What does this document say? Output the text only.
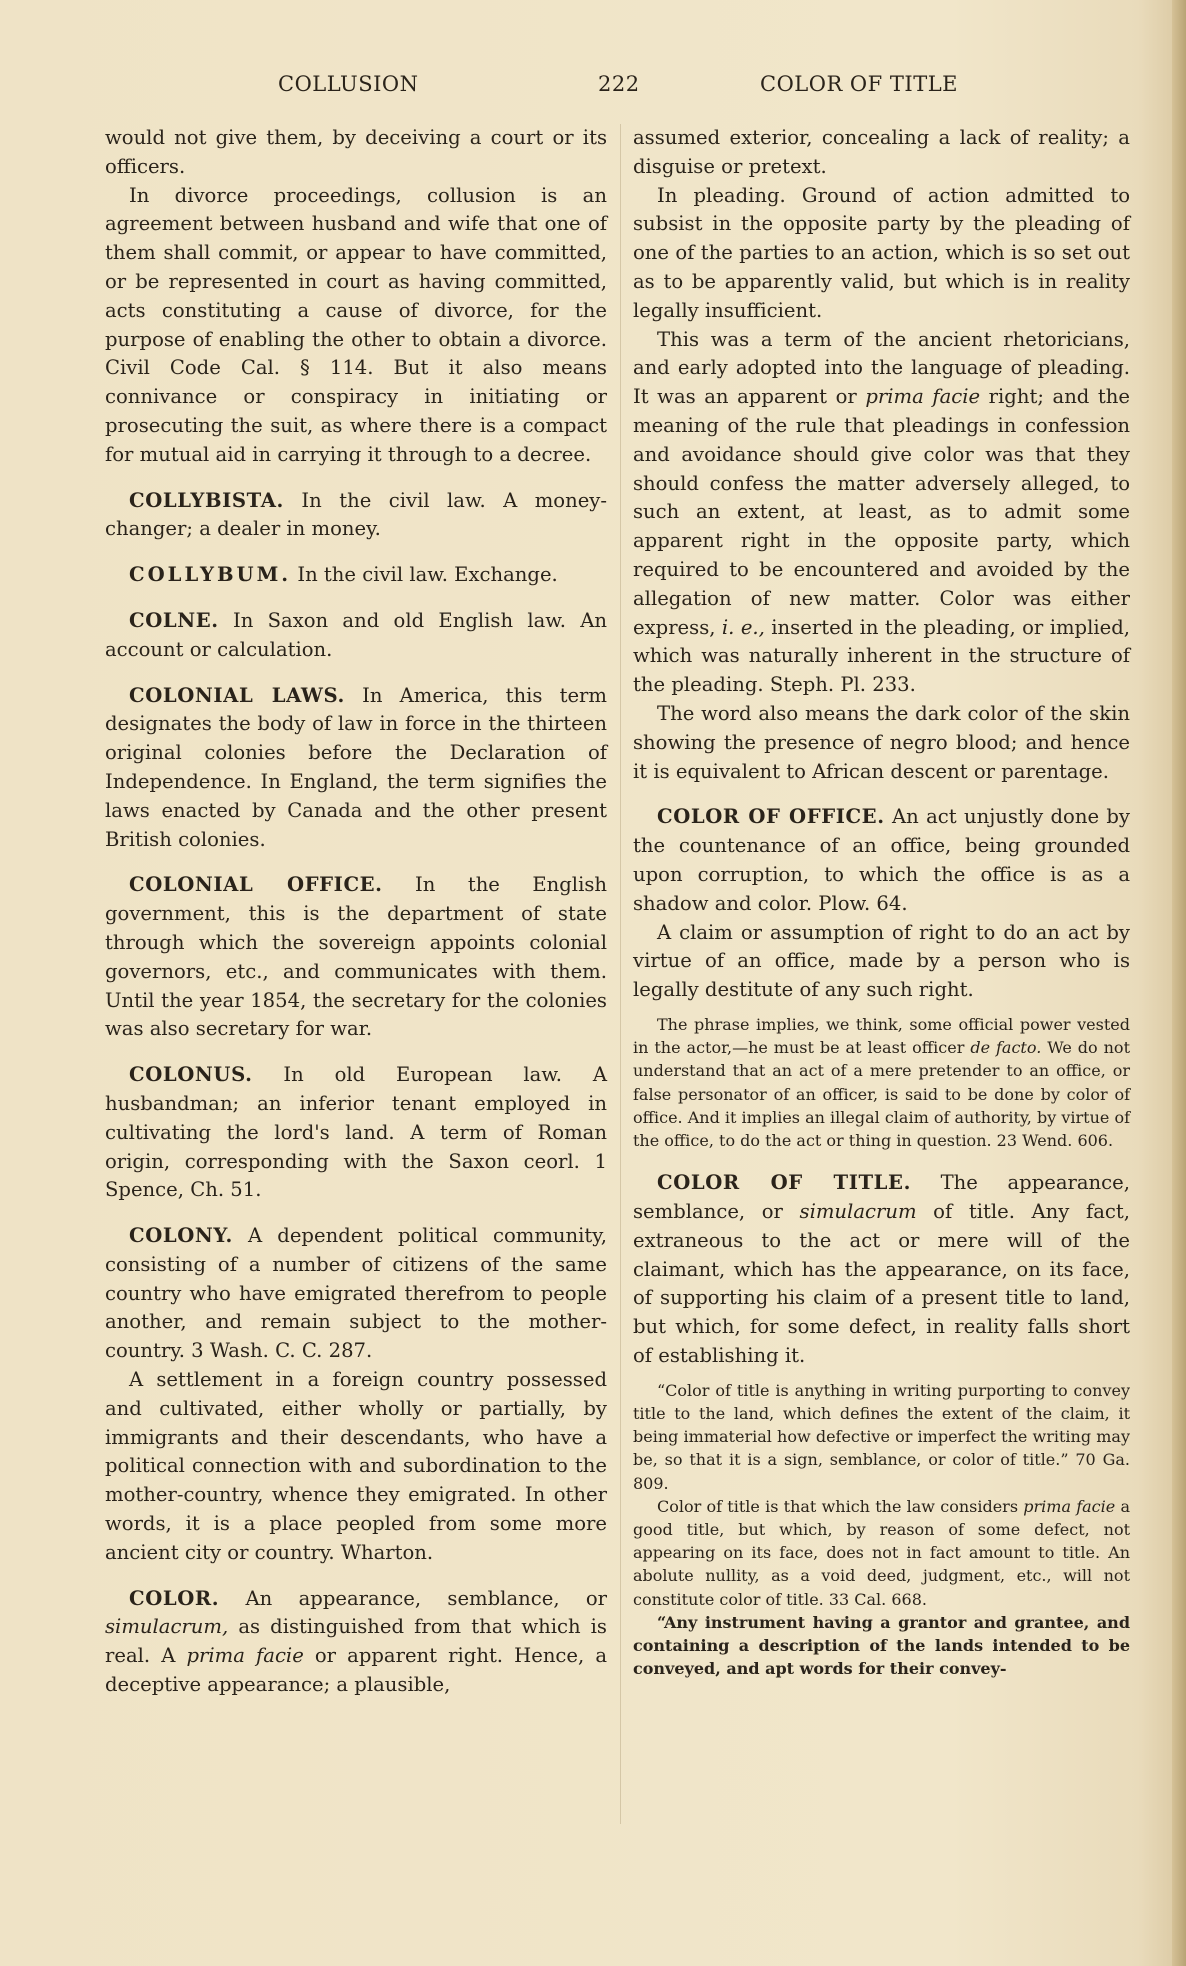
COLLUSION	222	COLOR OF TITLE

would not give them, by deceiving a court or its officers.

In divorce proceedings, collusion is an agreement between husband and wife that one of them shall commit, or appear to have committed, or be represented in court as having committed, acts constituting a cause of divorce, for the purpose of enabling the other to obtain a divorce. Civil Code Cal. § 114. But it also means connivance or conspiracy in initiating or prosecuting the suit, as where there is a compact for mutual aid in carrying it through to a decree.

COLLYBISTA. In the civil law. A money-changer; a dealer in money.

COLLYBUM. In the civil law. Exchange.

COLNE. In Saxon and old English law. An account or calculation.

COLONIAL LAWS. In America, this term designates the body of law in force in the thirteen original colonies before the Declaration of Independence. In England, the term signifies the laws enacted by Canada and the other present British colonies.

COLONIAL OFFICE. In the English government, this is the department of state through which the sovereign appoints colonial governors, etc., and communicates with them. Until the year 1854, the secretary for the colonies was also secretary for war.

COLONUS. In old European law. A husbandman; an inferior tenant employed in cultivating the lord's land. A term of Roman origin, corresponding with the Saxon ceorl. 1 Spence, Ch. 51.

COLONY. A dependent political community, consisting of a number of citizens of the same country who have emigrated therefrom to people another, and remain subject to the mother-country. 3 Wash. C. C. 287.

A settlement in a foreign country possessed and cultivated, either wholly or partially, by immigrants and their descendants, who have a political connection with and subordination to the mother-country, whence they emigrated. In other words, it is a place peopled from some more ancient city or country. Wharton.

COLOR. An appearance, semblance, or simulacrum, as distinguished from that which is real. A prima facie or apparent right. Hence, a deceptive appearance; a plausible,

assumed exterior, concealing a lack of reality; a disguise or pretext.

In pleading. Ground of action admitted to subsist in the opposite party by the pleading of one of the parties to an action, which is so set out as to be apparently valid, but which is in reality legally insufficient.

This was a term of the ancient rhetoricians, and early adopted into the language of pleading. It was an apparent or prima facie right; and the meaning of the rule that pleadings in confession and avoidance should give color was that they should confess the matter adversely alleged, to such an extent, at least, as to admit some apparent right in the opposite party, which required to be encountered and avoided by the allegation of new matter. Color was either express, i. e., inserted in the pleading, or implied, which was naturally inherent in the structure of the pleading. Steph. Pl. 233.

The word also means the dark color of the skin showing the presence of negro blood; and hence it is equivalent to African descent or parentage.

COLOR OF OFFICE. An act unjustly done by the countenance of an office, being grounded upon corruption, to which the office is as a shadow and color. Plow. 64.

A claim or assumption of right to do an act by virtue of an office, made by a person who is legally destitute of any such right.

The phrase implies, we think, some official power vested in the actor,—he must be at least officer de facto. We do not understand that an act of a mere pretender to an office, or false personator of an officer, is said to be done by color of office. And it implies an illegal claim of authority, by virtue of the office, to do the act or thing in question. 23 Wend. 606.

COLOR OF TITLE. The appearance, semblance, or simulacrum of title. Any fact, extraneous to the act or mere will of the claimant, which has the appearance, on its face, of supporting his claim of a present title to land, but which, for some defect, in reality falls short of establishing it.

“Color of title is anything in writing purporting to convey title to the land, which defines the extent of the claim, it being immaterial how defective or imperfect the writing may be, so that it is a sign, semblance, or color of title.” 70 Ga. 809.

Color of title is that which the law considers prima facie a good title, but which, by reason of some defect, not appearing on its face, does not in fact amount to title. An abolute nullity, as a void deed, judgment, etc., will not constitute color of title. 33 Cal. 668.

“Any instrument having a grantor and grantee, and containing a description of the lands intended to be conveyed, and apt words for their convey-
